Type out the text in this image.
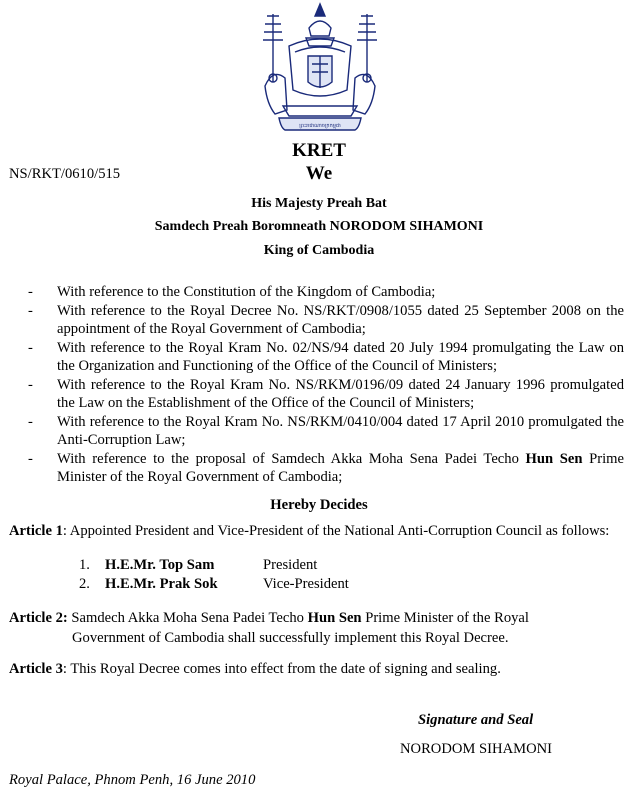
ព្រះរាជាណាចក្រកម្ពុជា
KRET
NS/RKT/0610/515	We
His Majesty Preah Bat
Samdech Preah Boromneath NORODOM SIHAMONI
King of Cambodia
- With reference to the Constitution of the Kingdom of Cambodia;
- With reference to the Royal Decree No. NS/RKT/0908/1055 dated 25 September 2008 on the appointment of the Royal Government of Cambodia;
- With reference to the Royal Kram No. 02/NS/94 dated 20 July 1994 promulgating the Law on the Organization and Functioning of the Office of the Council of Ministers;
- With reference to the Royal Kram No. NS/RKM/0196/09 dated 24 January 1996 promulgated the Law on the Establishment of the Office of the Council of Ministers;
- With reference to the Royal Kram No. NS/RKM/0410/004 dated 17 April 2010 promulgated the Anti-Corruption Law;
- With reference to the proposal of Samdech Akka Moha Sena Padei Techo Hun Sen Prime Minister of the Royal Government of Cambodia;
Hereby Decides
Article 1: Appointed President and Vice-President of the National Anti-Corruption Council as follows:
1.	H.E.Mr. Top Sam	President
2.	H.E.Mr. Prak Sok	Vice-President
Article 2: Samdech Akka Moha Sena Padei Techo Hun Sen Prime Minister of the Royal
Government of Cambodia shall successfully implement this Royal Decree.
Article 3: This Royal Decree comes into effect from the date of signing and sealing.
Signature and Seal
NORODOM SIHAMONI
Royal Palace, Phnom Penh, 16 June 2010
